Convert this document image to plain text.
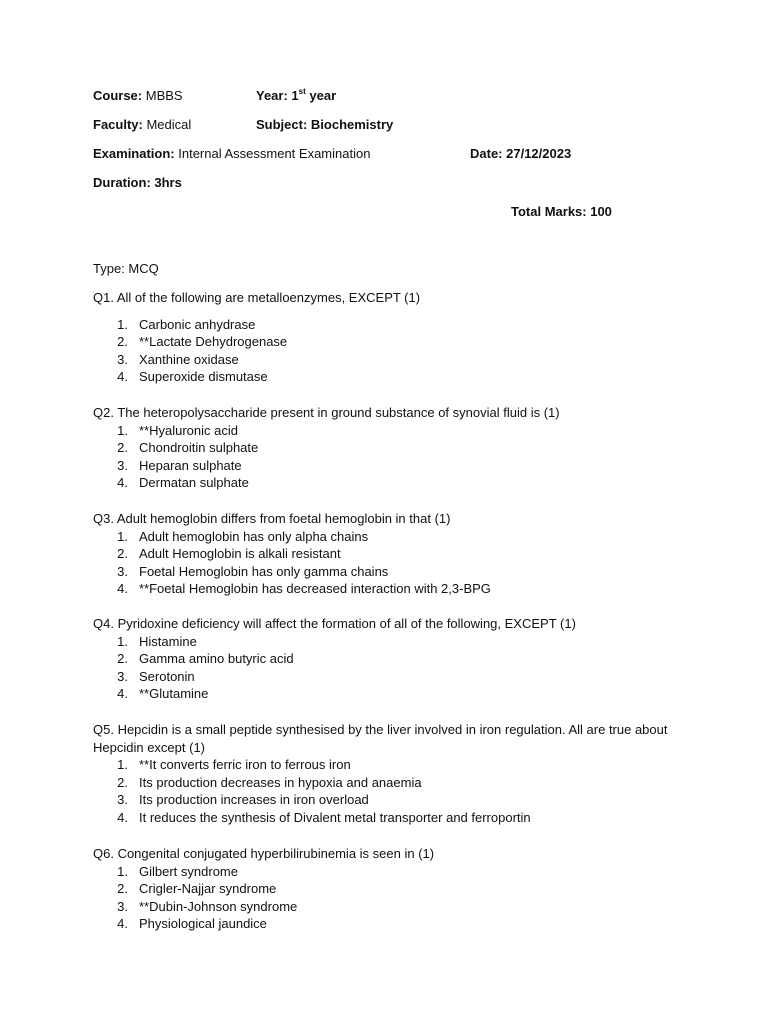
Course: MBBS	Year: 1st year
Faculty: Medical	Subject: Biochemistry
Examination: Internal Assessment Examination	Date: 27/12/2023
Duration: 3hrs
Total Marks: 100
Type: MCQ

Q1. All of the following are metalloenzymes, EXCEPT (1)

1. Carbonic anhydrase
2. **Lactate Dehydrogenase
3. Xanthine oxidase
4. Superoxide dismutase

Q2. The heteropolysaccharide present in ground substance of synovial fluid is (1)

1. **Hyaluronic acid
2. Chondroitin sulphate
3. Heparan sulphate
4. Dermatan sulphate

Q3. Adult hemoglobin differs from foetal hemoglobin in that (1)

1. Adult hemoglobin has only alpha chains
2. Adult Hemoglobin is alkali resistant
3. Foetal Hemoglobin has only gamma chains
4. **Foetal Hemoglobin has decreased interaction with 2,3-BPG

Q4. Pyridoxine deficiency will affect the formation of all of the following, EXCEPT (1)

1. Histamine
2. Gamma amino butyric acid
3. Serotonin
4. **Glutamine

Q5. Hepcidin is a small peptide synthesised by the liver involved in iron regulation. All are true about Hepcidin except (1)

1. **It converts ferric iron to ferrous iron
2. Its production decreases in hypoxia and anaemia
3. Its production increases in iron overload
4. It reduces the synthesis of Divalent metal transporter and ferroportin

Q6. Congenital conjugated hyperbilirubinemia is seen in (1)

1. Gilbert syndrome
2. Crigler-Najjar syndrome
3. **Dubin-Johnson syndrome
4. Physiological jaundice
